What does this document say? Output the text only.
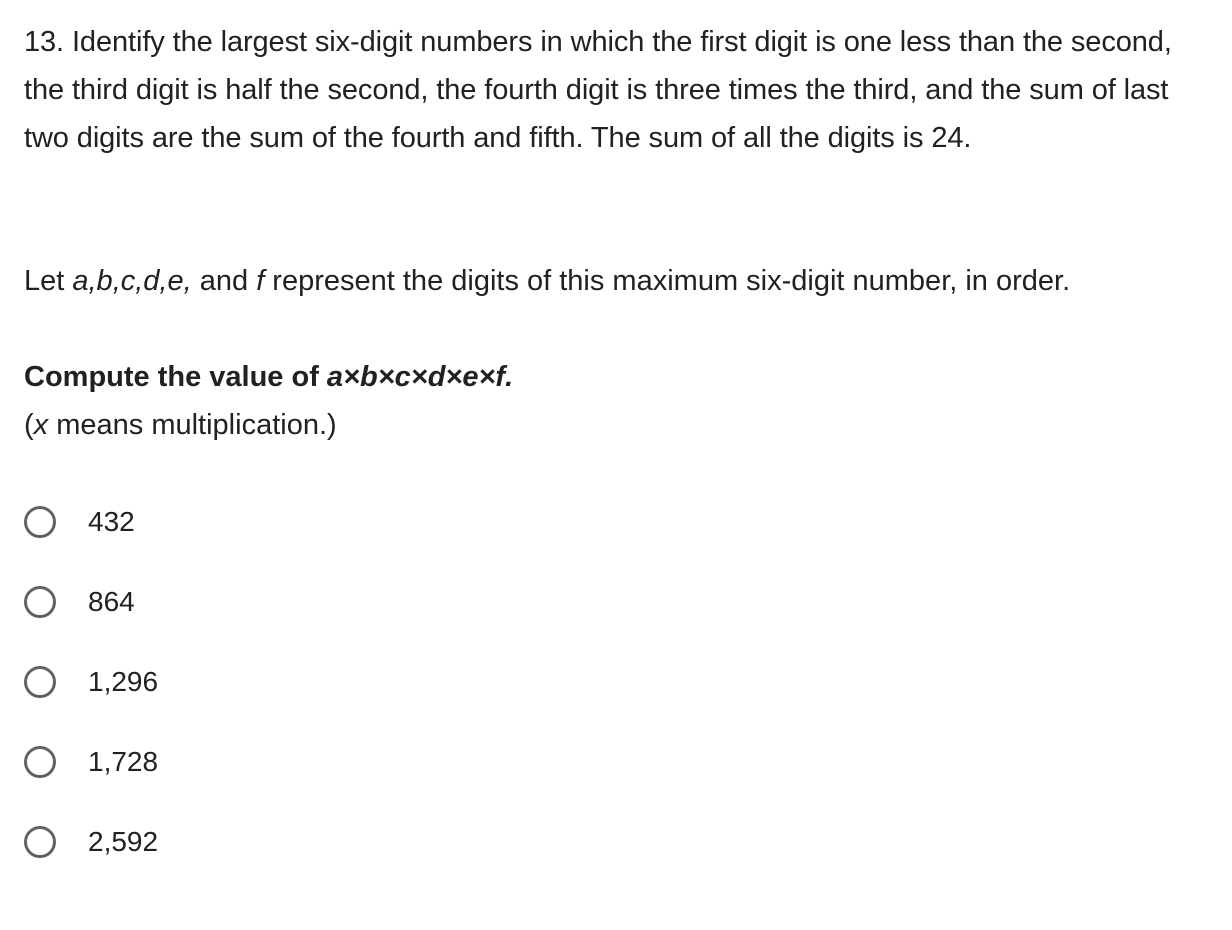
13. Identify the largest six-digit numbers in which the first digit is one less than the second, the third digit is half the second, the fourth digit is three times the third, and the sum of last two digits are the sum of the fourth and fifth. The sum of all the digits is 24.

Let a,b,c,d,e, and f represent the digits of this maximum six-digit number, in order.
Compute the value of a×b×c×d×e×f.
(x means multiplication.)
432
864
1,296
1,728
2,592
